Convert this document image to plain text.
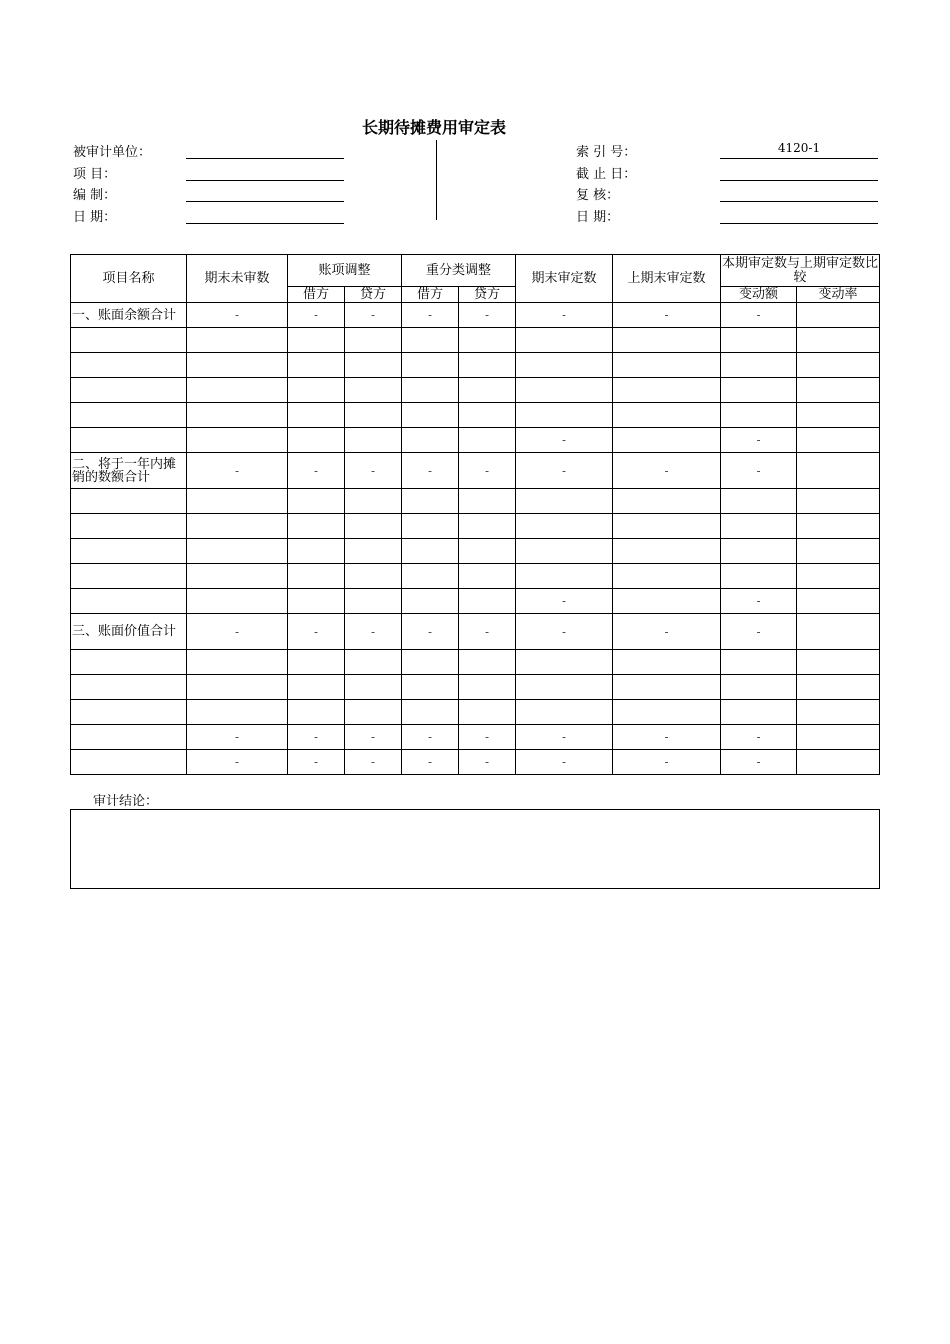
长期待摊费用审定表
被审计单位：
项 目：
编 制：
日 期：
索 引 号：	4120-1
截 止 日：
复 核：
日 期：
项目名称	期末未审数	账项调整		重分类调整		期末审定数	上期末审定数	本期审定数与上期审定数比较	
		借方	贷方	借方	贷方			变动额	变动率
一、账面余额合计	-	-	-	-	-	-	-	-	

						-		-	
二、将于一年内摊销的数额合计	-	-	-	-	-	-	-	-	

						-		-	
三、账面价值合计	-	-	-	-	-	-	-	-	

	-	-	-	-	-	-	-	-	
	-	-	-	-	-	-	-	-	
审计结论：
